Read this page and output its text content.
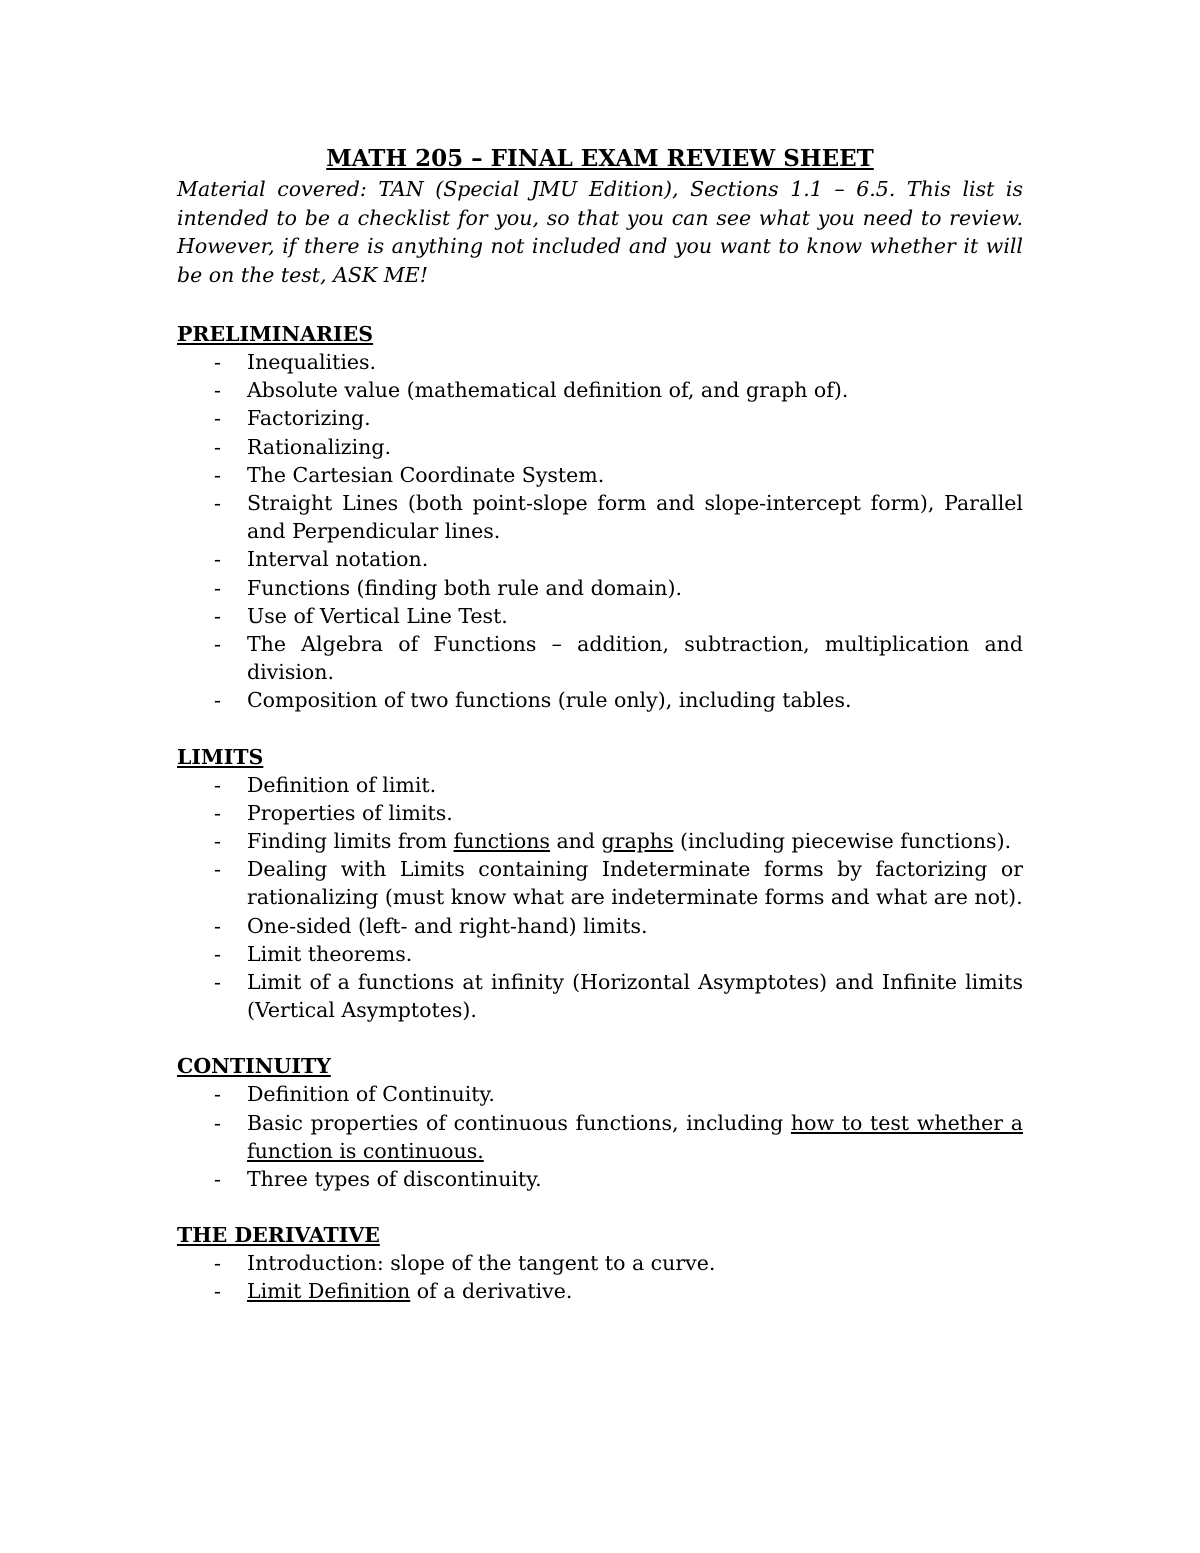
MATH 205 – FINAL EXAM REVIEW SHEET

Material covered: TAN (Special JMU Edition), Sections 1.1 – 6.5. This list is intended to be a checklist for you, so that you can see what you need to review. However, if there is anything not included and you want to know whether it will be on the test, ASK ME!

PRELIMINARIES
- Inequalities.
- Absolute value (mathematical definition of, and graph of).
- Factorizing.
- Rationalizing.
- The Cartesian Coordinate System.
- Straight Lines (both point-slope form and slope-intercept form), Parallel and Perpendicular lines.
- Interval notation.
- Functions (finding both rule and domain).
- Use of Vertical Line Test.
- The Algebra of Functions – addition, subtraction, multiplication and division.
- Composition of two functions (rule only), including tables.
LIMITS
- Definition of limit.
- Properties of limits.
- Finding limits from functions and graphs (including piecewise functions).
- Dealing with Limits containing Indeterminate forms by factorizing or rationalizing (must know what are indeterminate forms and what are not).
- One-sided (left- and right-hand) limits.
- Limit theorems.
- Limit of a functions at infinity (Horizontal Asymptotes) and Infinite limits (Vertical Asymptotes).
CONTINUITY
- Definition of Continuity.
- Basic properties of continuous functions, including how to test whether a function is continuous.
- Three types of discontinuity.
THE DERIVATIVE
- Introduction: slope of the tangent to a curve.
- Limit Definition of a derivative.
